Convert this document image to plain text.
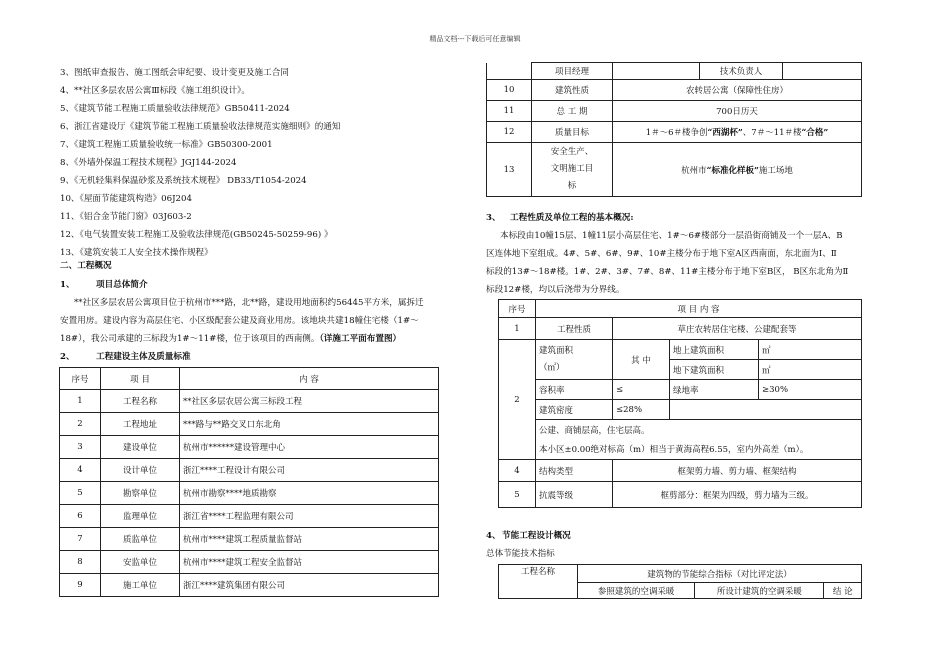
精品文档---下载后可任意编辑
3、图纸审查报告、施工图纸会审纪要、设计变更及施工合同
4、**社区多层农居公寓Ⅲ标段《施工组织设计》。
5、《建筑节能工程施工质量验收法律规范》GB50411-2024
6、浙江省建设厅《建筑节能工程施工质量验收法律规范实施细则》的通知
7、《建筑工程施工质量验收统一标准》GB50300-2001
8、《外墙外保温工程技术规程》JGJ144-2024
9、《无机轻集料保温砂浆及系统技术规程》 DB33/T1054-2024
10、《屋面节能建筑构造》06J204
11、《铝合金节能门窗》03J603-2
12、《电气装置安装工程施工及验收法律规范(GB50245-50259-96) 》
13、《建筑安装工人安全技术操作规程》
二、工程概况
1、 项目总体简介
**社区多层农居公寓项目位于杭州市***路，北**路，建设用地面积约56445平方米，属拆迁
安置用房。建设内容为高层住宅、小区级配套公建及商业用房。该地块共建18幢住宅楼（1#～
18#），我公司承建的三标段为1#～11#楼，位于该项目的西南侧。（详施工平面布置图）
2、 工程建设主体及质量标准
序号	项 目	内 容
1	工程名称	**社区多层农居公寓三标段工程
2	工程地址	***路与**路交叉口东北角
3	建设单位	杭州市******建设管理中心
4	设计单位	浙江****工程设计有限公司
5	勘察单位	杭州市勘察****地质勘察
6	监理单位	浙江省****工程监理有限公司
7	质监单位	杭州市****建筑工程质量监督站
8	安监单位	杭州市****建筑工程安全监督站
9	施工单位	浙江****建筑集团有限公司
	项目经理		技术负责人	
10	建筑性质	农转居公寓（保障性住房）		
11	总 工 期	700日历天		
12	质量目标	1＃～6＃楼争创“西湖杯”、7＃～11＃楼“合格”		
13	安全生产、
文明施工目
标	杭州市“标准化样板”施工场地		
3、 工程性质及单位工程的基本概况:
本标段由10幢15层、1幢11层小高层住宅、1#～6#楼部分一层沿街商铺及一个一层A、B
区连体地下室组成。4#、5#、6#、9#、10#主楼分布于地下室A区西南面，东北面为Ⅰ、Ⅱ
标段的13#～18#楼。1#、2#、3#、7#、8#、11#主楼分布于地下室B区， B区东北角为Ⅱ
标段12#楼，均以后浇带为分界线。
序号	项 目 内 容			
1	工程性质	草庄农转居住宅楼、公建配套等		
2	建筑面积
（㎡）	其 中	地上建筑面积	㎡
			地下建筑面积	㎡
	容积率	≤	绿地率	≥30%
	建筑密度	≤28%		
	公建、商铺层高，住宅层高。			
	本小区±0.00绝对标高（m）相当于黄海高程6.55，室内外高差（m）。			
4	结构类型	框架剪力墙、剪力墙、框架结构		
5	抗震等级	框剪部分：框架为四级，剪力墙为三级。		
4、 节能工程设计概况
总体节能技术指标
工程名称	建筑物的节能综合指标（对比评定法）		
	参照建筑的空调采暖	所设计建筑的空调采暖	结 论
